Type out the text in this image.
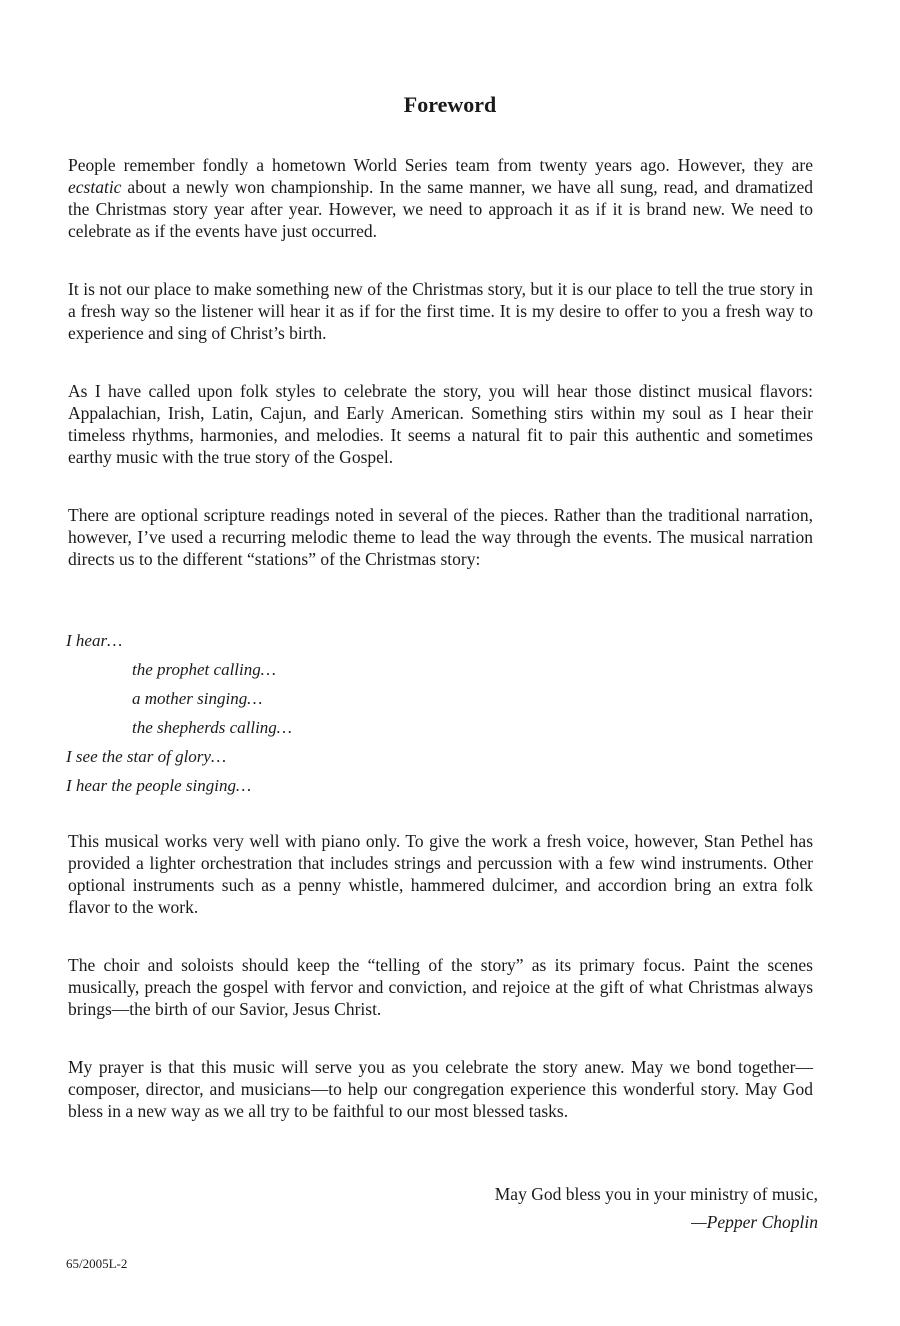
Foreword

People remember fondly a hometown World Series team from twenty years ago. However, they are ecstatic about a newly won championship. In the same manner, we have all sung, read, and dramatized the Christmas story year after year. However, we need to approach it as if it is brand new. We need to celebrate as if the events have just occurred.

It is not our place to make something new of the Christmas story, but it is our place to tell the true story in a fresh way so the listener will hear it as if for the first time. It is my desire to offer to you a fresh way to experience and sing of Christ’s birth.

As I have called upon folk styles to celebrate the story, you will hear those distinct musical flavors: Appalachian, Irish, Latin, Cajun, and Early American. Something stirs within my soul as I hear their timeless rhythms, harmonies, and melodies. It seems a natural fit to pair this authentic and sometimes earthy music with the true story of the Gospel.

There are optional scripture readings noted in several of the pieces. Rather than the traditional narration, however, I’ve used a recurring melodic theme to lead the way through the events. The musical narration directs us to the different “stations” of the Christmas story:

I hear…
the prophet calling…
a mother singing…
the shepherds calling…
I see the star of glory…
I hear the people singing…

This musical works very well with piano only. To give the work a fresh voice, however, Stan Pethel has provided a lighter orchestration that includes strings and percussion with a few wind instruments. Other optional instruments such as a penny whistle, hammered dulcimer, and accordion bring an extra folk flavor to the work.

The choir and soloists should keep the “telling of the story” as its primary focus. Paint the scenes musically, preach the gospel with fervor and conviction, and rejoice at the gift of what Christmas always brings—the birth of our Savior, Jesus Christ.

My prayer is that this music will serve you as you celebrate the story anew. May we bond together—composer, director, and musicians—to help our congregation experience this wonderful story. May God bless in a new way as we all try to be faithful to our most blessed tasks.

May God bless you in your ministry of music,
—Pepper Choplin
65/2005L-2
